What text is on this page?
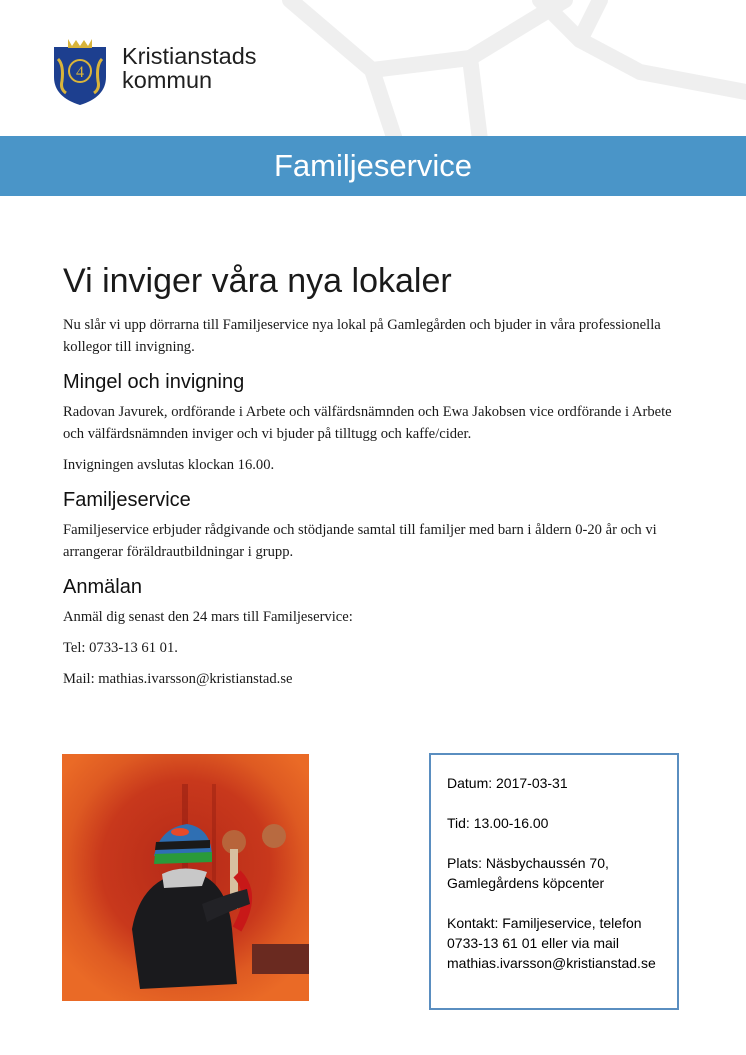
4
Kristianstads
kommun
Familjeservice
Vi inviger våra nya lokaler

Nu slår vi upp dörrarna till Familjeservice nya lokal på Gamlegården och bjuder in våra professionella kollegor till invigning.

Mingel och invigning

Radovan Javurek, ordförande i Arbete och välfärdsnämnden och Ewa Jakobsen vice ordförande i Arbete och välfärdsnämnden inviger och vi bjuder på tilltugg och kaffe/cider.

Invigningen avslutas klockan 16.00.

Familjeservice

Familjeservice erbjuder rådgivande och stödjande samtal till familjer med barn i åldern 0-20 år och vi arrangerar föräldrautbildningar i grupp.

Anmälan

Anmäl dig senast den 24 mars till Familjeservice:

Tel: 0733-13 61 01.

Mail: mathias.ivarsson@kristianstad.se

Datum: 2017-03-31
Tid: 13.00-16.00
Plats: Näsbychaussén 70,
Gamlegårdens köpcenter
Kontakt: Familjeservice, telefon
0733-13 61 01 eller via mail
mathias.ivarsson@kristianstad.se
